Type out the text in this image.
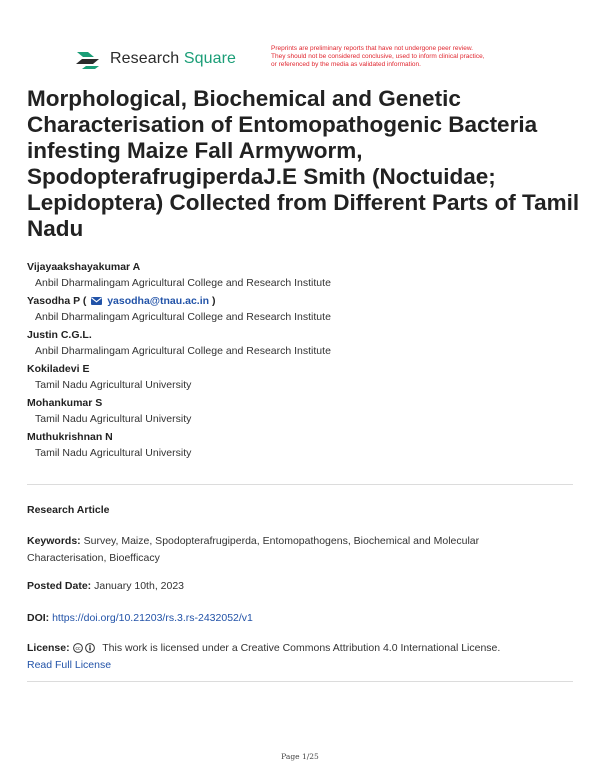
Research Square
Preprints are preliminary reports that have not undergone peer review.
They should not be considered conclusive, used to inform clinical practice,
or referenced by the media as validated information.
Morphological, Biochemical and Genetic Characterisation of Entomopathogenic Bacteria infesting Maize Fall Armyworm, SpodopterafrugiperdaJ.E Smith (Noctuidae; Lepidoptera) Collected from Different Parts of Tamil Nadu
Vijayaakshayakumar A
Anbil Dharmalingam Agricultural College and Research Institute
Yasodha P (  yasodha@tnau.ac.in )
Anbil Dharmalingam Agricultural College and Research Institute
Justin C.G.L.
Anbil Dharmalingam Agricultural College and Research Institute
Kokiladevi E
Tamil Nadu Agricultural University
Mohankumar S
Tamil Nadu Agricultural University
Muthukrishnan N
Tamil Nadu Agricultural University
Research Article
Keywords: Survey, Maize, Spodopterafrugiperda, Entomopathogens, Biochemical and Molecular
Characterisation, Bioefficacy
Posted Date: January 10th, 2023
DOI: https://doi.org/10.21203/rs.3.rs-2432052/v1
License: cc This work is licensed under a Creative Commons Attribution 4.0 International License.
Read Full License
Page 1/25
